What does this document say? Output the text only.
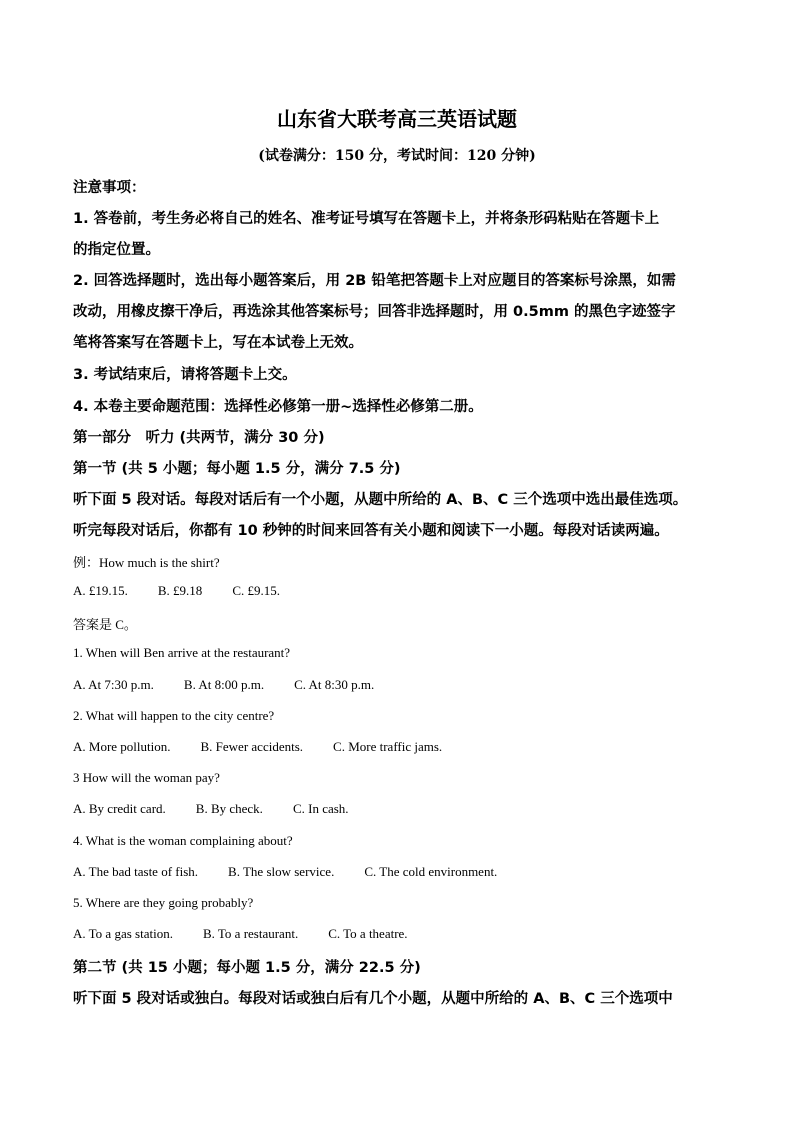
山东省大联考高三英语试题
(试卷满分：150 分，考试时间：120 分钟)
注意事项：
1. 答卷前，考生务必将自己的姓名、准考证号填写在答题卡上，并将条形码粘贴在答题卡上
的指定位置。
2. 回答选择题时，选出每小题答案后，用 2B 铅笔把答题卡上对应题目的答案标号涂黑，如需
改动，用橡皮擦干净后，再选涂其他答案标号；回答非选择题时，用 0.5mm 的黑色字迹签字
笔将答案写在答题卡上，写在本试卷上无效。
3. 考试结束后，请将答题卡上交。
4. 本卷主要命题范围：选择性必修第一册~选择性必修第二册。
第一部分　听力 (共两节，满分 30 分)
第一节 (共 5 小题；每小题 1.5 分，满分 7.5 分)
听下面 5 段对话。每段对话后有一个小题，从题中所给的 A、B、C 三个选项中选出最佳选项。
听完每段对话后，你都有 10 秒钟的时间来回答有关小题和阅读下一小题。每段对话读两遍。
例：How much is the shirt?
A. £19.15. B. £9.18 C. £9.15.
答案是 C。
1. When will Ben arrive at the restaurant?
A. At 7:30 p.m. B. At 8:00 p.m. C. At 8:30 p.m.
2. What will happen to the city centre?
A. More pollution. B. Fewer accidents. C. More traffic jams.
3 How will the woman pay?
A. By credit card. B. By check. C. In cash.
4. What is the woman complaining about?
A. The bad taste of fish. B. The slow service. C. The cold environment.
5. Where are they going probably?
A. To a gas station. B. To a restaurant. C. To a theatre.
第二节 (共 15 小题；每小题 1.5 分，满分 22.5 分)
听下面 5 段对话或独白。每段对话或独白后有几个小题，从题中所给的 A、B、C 三个选项中
